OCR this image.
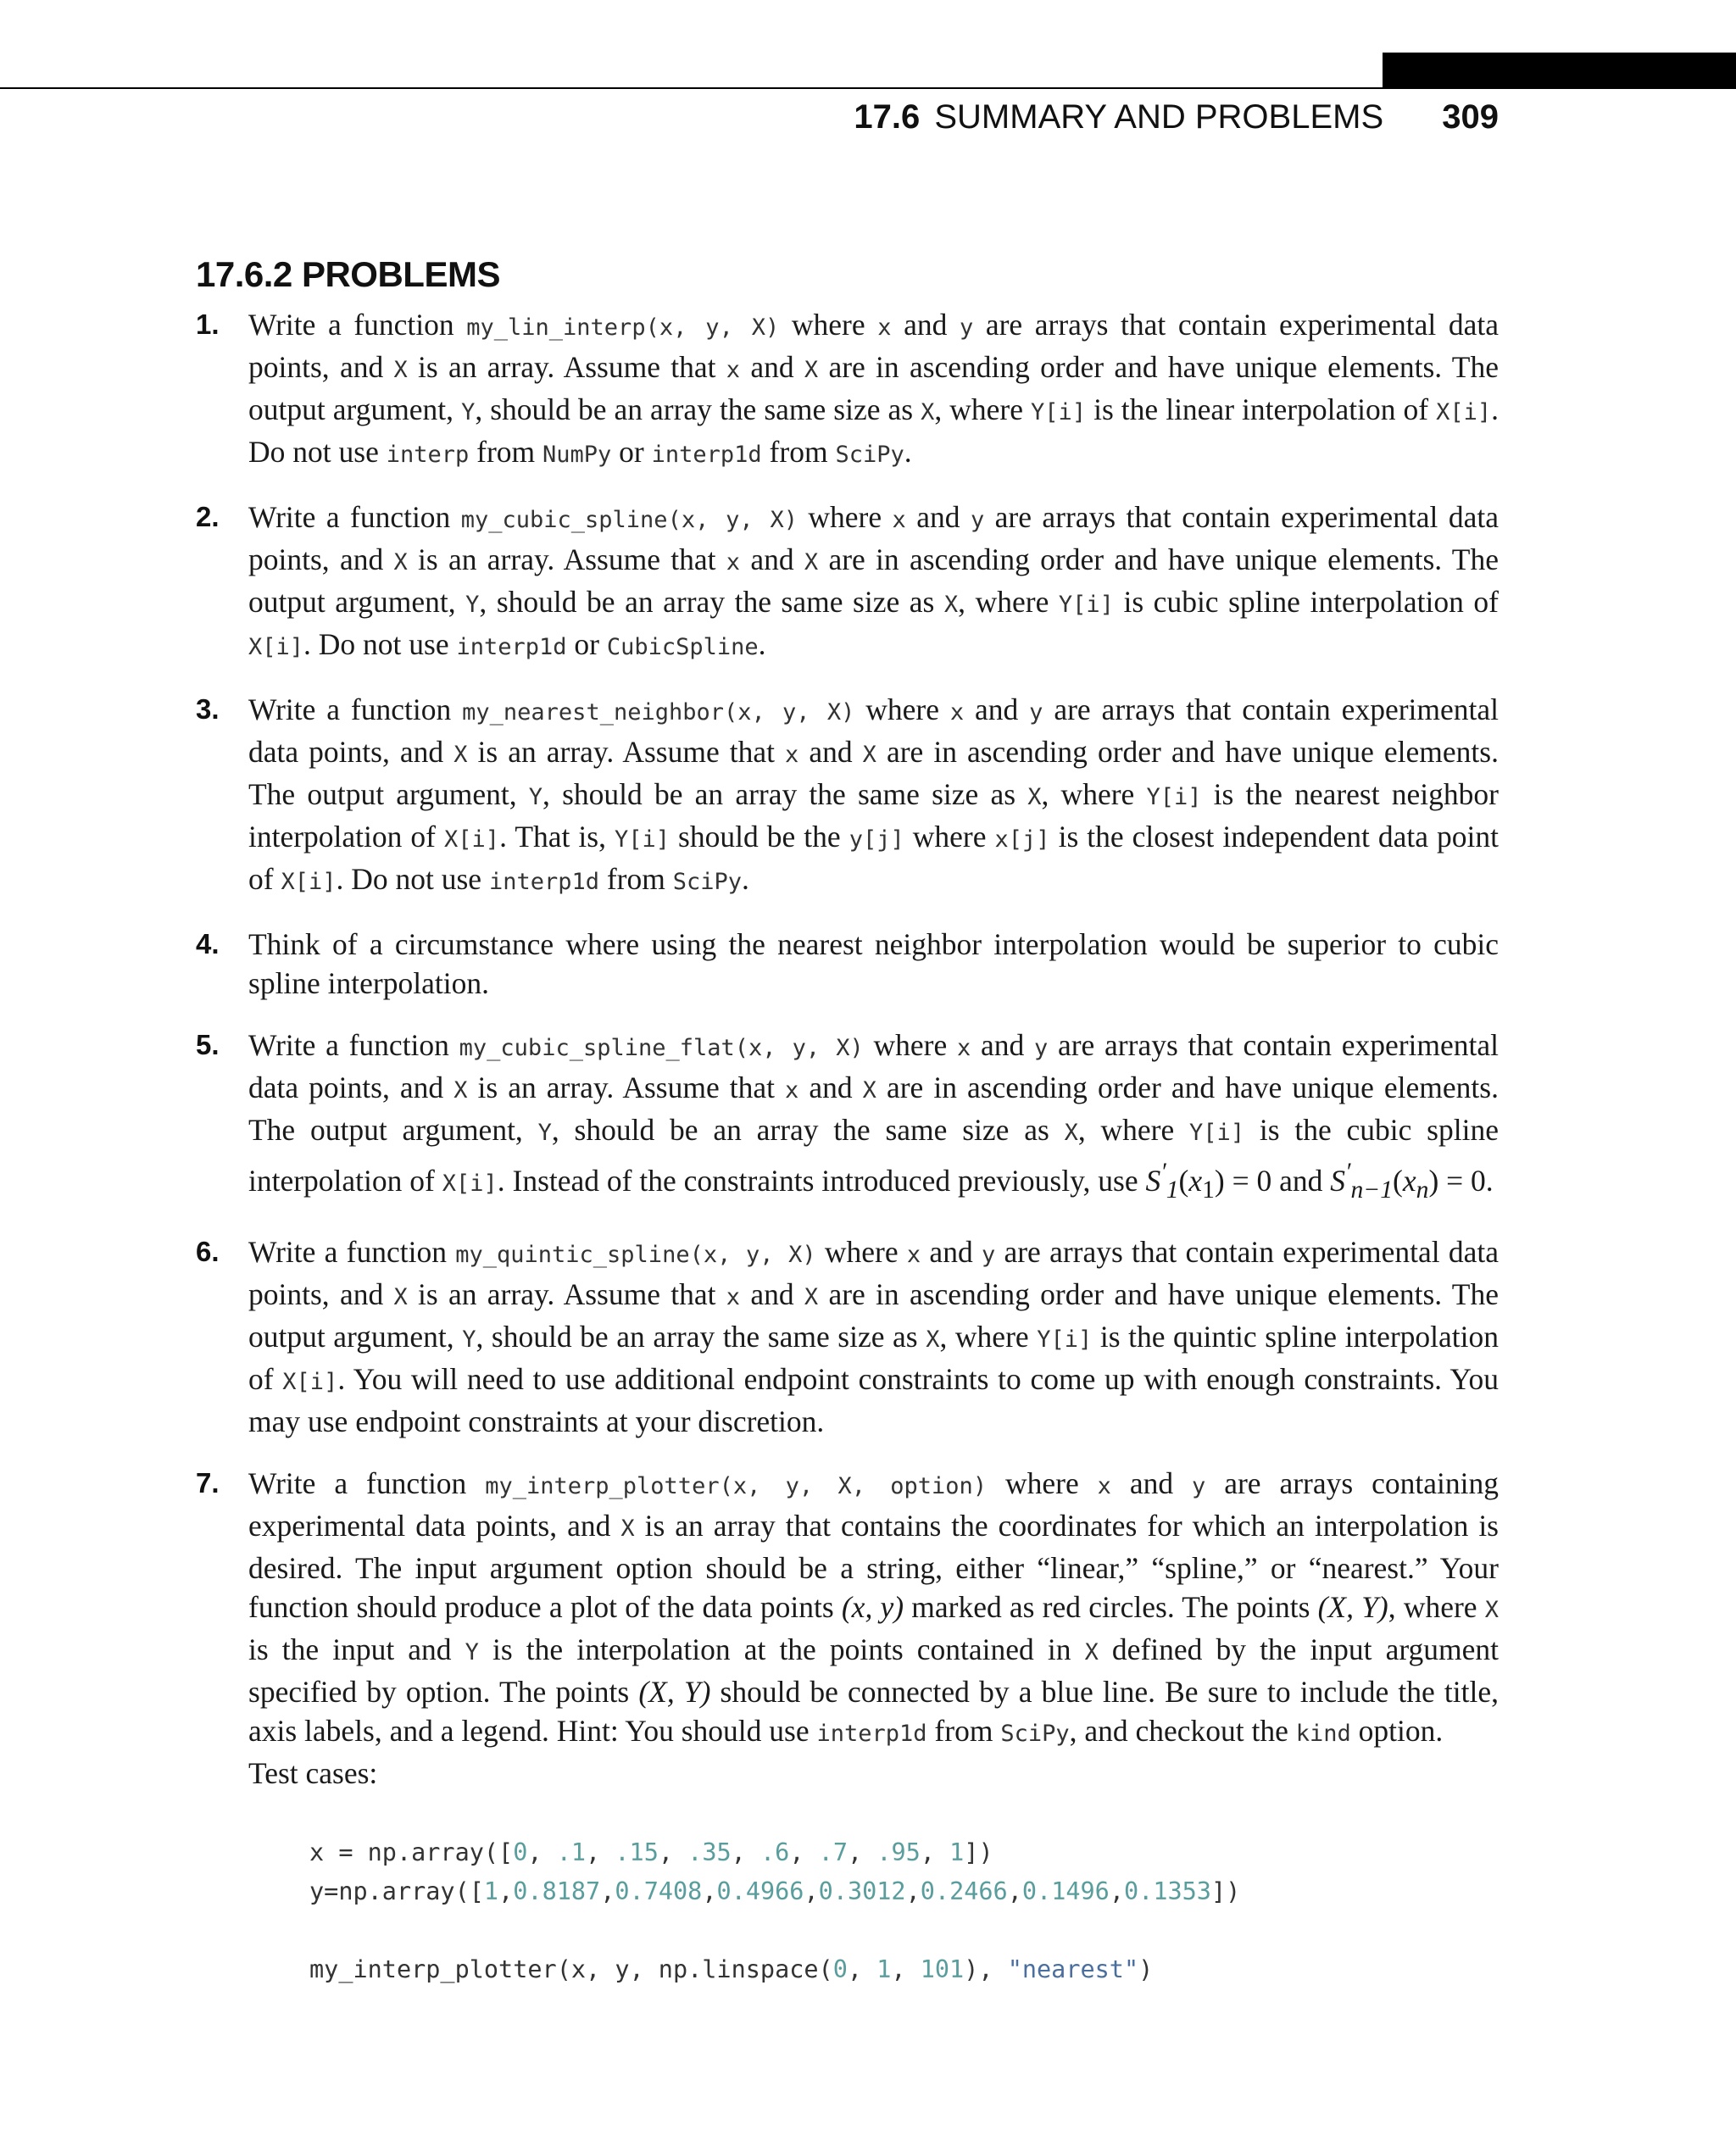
17.6 SUMMARY AND PROBLEMS 309
17.6.2 PROBLEMS
1. Write a function my_lin_interp(x, y, X) where x and y are arrays that contain experimental data points, and X is an array. Assume that x and X are in ascending order and have unique elements. The output argument, Y, should be an array the same size as X, where Y[i] is the linear interpolation of X[i]. Do not use interp from NumPy or interp1d from SciPy.
2. Write a function my_cubic_spline(x, y, X) where x and y are arrays that contain experimental data points, and X is an array. Assume that x and X are in ascending order and have unique elements. The output argument, Y, should be an array the same size as X, where Y[i] is cubic spline interpolation of X[i]. Do not use interp1d or CubicSpline.
3. Write a function my_nearest_neighbor(x, y, X) where x and y are arrays that contain experimental data points, and X is an array. Assume that x and X are in ascending order and have unique elements. The output argument, Y, should be an array the same size as X, where Y[i] is the nearest neighbor interpolation of X[i]. That is, Y[i] should be the y[j] where x[j] is the closest independent data point of X[i]. Do not use interp1d from SciPy.
4. Think of a circumstance where using the nearest neighbor interpolation would be superior to cubic spline interpolation.
5. Write a function my_cubic_spline_flat(x, y, X) where x and y are arrays that contain experimental data points, and X is an array. Assume that x and X are in ascending order and have unique elements. The output argument, Y, should be an array the same size as X, where Y[i] is the cubic spline interpolation of X[i]. Instead of the constraints introduced previously, use $S'_1(x_1) = 0$ and $S'_{n-1}(x_n) = 0$.
6. Write a function my_quintic_spline(x, y, X) where x and y are arrays that contain experimental data points, and X is an array. Assume that x and X are in ascending order and have unique elements. The output argument, Y, should be an array the same size as X, where Y[i] is the quintic spline interpolation of X[i]. You will need to use additional endpoint constraints to come up with enough constraints. You may use endpoint constraints at your discretion.
7. Write a function my_interp_plotter(x, y, X, option) where x and y are arrays containing experimental data points, and X is an array that contains the coordinates for which an interpolation is desired. The input argument option should be a string, either “linear,” “spline,” or “nearest.” Your function should produce a plot of the data points (x, y) marked as red circles. The points (X, Y), where X is the input and Y is the interpolation at the points contained in X defined by the input argument specified by option. The points (X, Y) should be connected by a blue line. Be sure to include the title, axis labels, and a legend. Hint: You should use interp1d from SciPy, and checkout the kind option.
Test cases:
x = np.array([0, .1, .15, .35, .6, .7, .95, 1])
y=np.array([1,0.8187,0.7408,0.4966,0.3012,0.2466,0.1496,0.1353])
my_interp_plotter(x, y, np.linspace(0, 1, 101), "nearest")
